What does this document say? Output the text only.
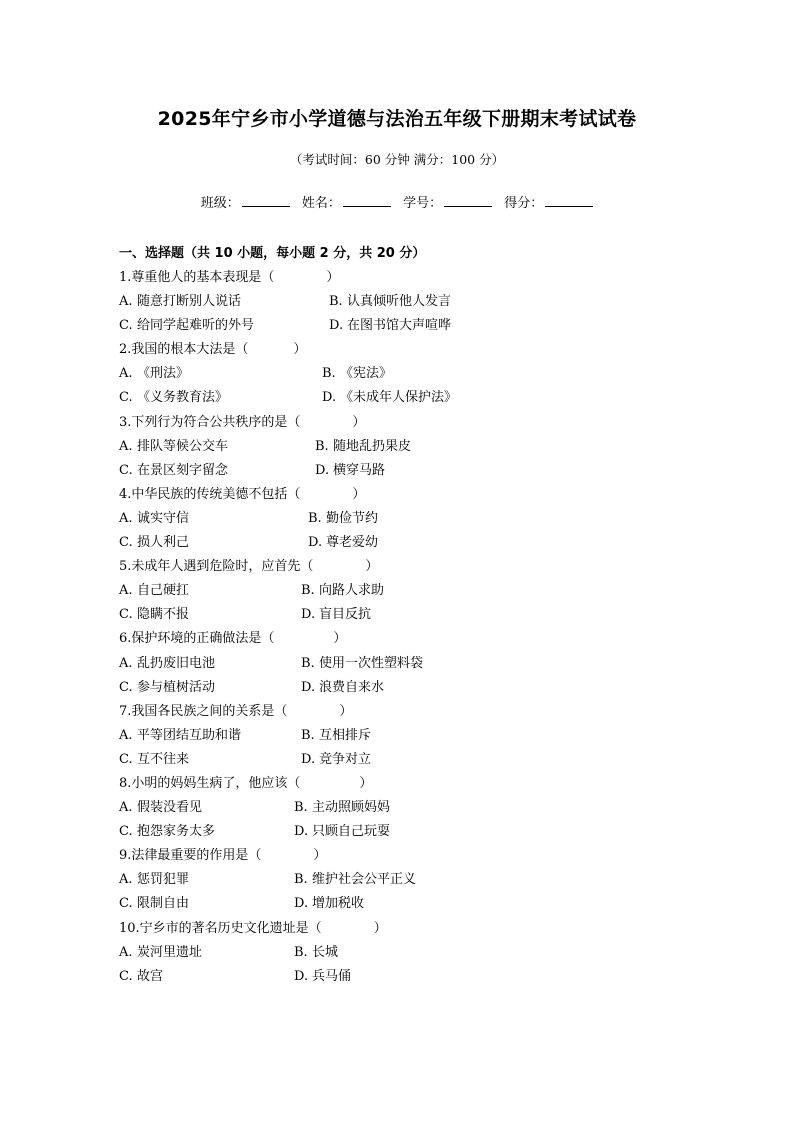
2025年宁乡市小学道德与法治五年级下册期末考试试卷
（考试时间：60 分钟 满分：100 分）
班级：	姓名：	学号：	得分：
一、选择题（共 10 小题，每小题 2 分，共 20 分）
1.尊重他人的基本表现是（	）
A. 随意打断别人说话	B. 认真倾听他人发言
C. 给同学起难听的外号	D. 在图书馆大声喧哗
2.我国的根本大法是（	）
A. 《刑法》	B. 《宪法》
C. 《义务教育法》	D. 《未成年人保护法》
3.下列行为符合公共秩序的是（	）
A. 排队等候公交车	B. 随地乱扔果皮
C. 在景区刻字留念	D. 横穿马路
4.中华民族的传统美德不包括（	）
A. 诚实守信	B. 勤俭节约
C. 损人利己	D. 尊老爱幼
5.未成年人遇到危险时，应首先（	）
A. 自己硬扛	B. 向路人求助
C. 隐瞒不报	D. 盲目反抗
6.保护环境的正确做法是（	）
A. 乱扔废旧电池	B. 使用一次性塑料袋
C. 参与植树活动	D. 浪费自来水
7.我国各民族之间的关系是（	）
A. 平等团结互助和谐	B. 互相排斥
C. 互不往来	D. 竞争对立
8.小明的妈妈生病了，他应该（	）
A. 假装没看见	B. 主动照顾妈妈
C. 抱怨家务太多	D. 只顾自己玩耍
9.法律最重要的作用是（	）
A. 惩罚犯罪	B. 维护社会公平正义
C. 限制自由	D. 增加税收
10.宁乡市的著名历史文化遗址是（	）
A. 炭河里遗址	B. 长城
C. 故宫	D. 兵马俑
